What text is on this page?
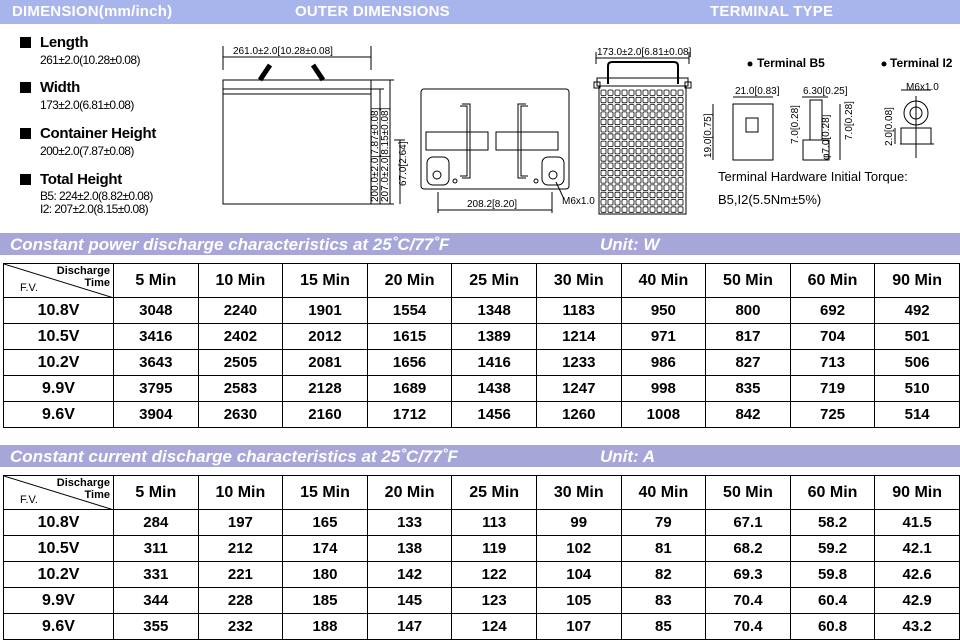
DIMENSION(mm/inch)	OUTER DIMENSIONS	TERMINAL TYPE
Length
261±2.0(10.28±0.08)
Width
173±2.0(6.81±0.08)
Container Height
200±2.0(7.87±0.08)
Total Height
B5: 224±2.0(8.82±0.08)
I2: 207±2.0(8.15±0.08)
261.0±2.0[10.28±0.08]	173.0±2.0[6.81±0.08]
200.0±2.0[7.87±0.08] 207.0±2.0[8.15±0.08] 67.0[2.64]
208.2[8.20]	M6x1.0
Terminal B5	Terminal I2
21.0[0.83] 6.30[0.25]
19.0[0.75]	7.0[0.28] φ7.0[0.28] 7.0[0.28]
M6x1.0
2.0[0.08]
Terminal Hardware Initial Torque:
B5,I2(5.5Nm±5%)
Constant power discharge characteristics at 25˚C/77˚F	Unit: W
Discharge
Time
F.V.	5 Min	10 Min	15 Min	20 Min	25 Min	30 Min	40 Min	50 Min	60 Min	90 Min
10.8V	3048	2240	1901	1554	1348	1183	950	800	692	492
10.5V	3416	2402	2012	1615	1389	1214	971	817	704	501
10.2V	3643	2505	2081	1656	1416	1233	986	827	713	506
9.9V	3795	2583	2128	1689	1438	1247	998	835	719	510
9.6V	3904	2630	2160	1712	1456	1260	1008	842	725	514
Constant current discharge characteristics at 25˚C/77˚F	Unit: A
Discharge
Time
F.V.	5 Min	10 Min	15 Min	20 Min	25 Min	30 Min	40 Min	50 Min	60 Min	90 Min
10.8V	284	197	165	133	113	99	79	67.1	58.2	41.5
10.5V	311	212	174	138	119	102	81	68.2	59.2	42.1
10.2V	331	221	180	142	122	104	82	69.3	59.8	42.6
9.9V	344	228	185	145	123	105	83	70.4	60.4	42.9
9.6V	355	232	188	147	124	107	85	70.4	60.8	43.2
